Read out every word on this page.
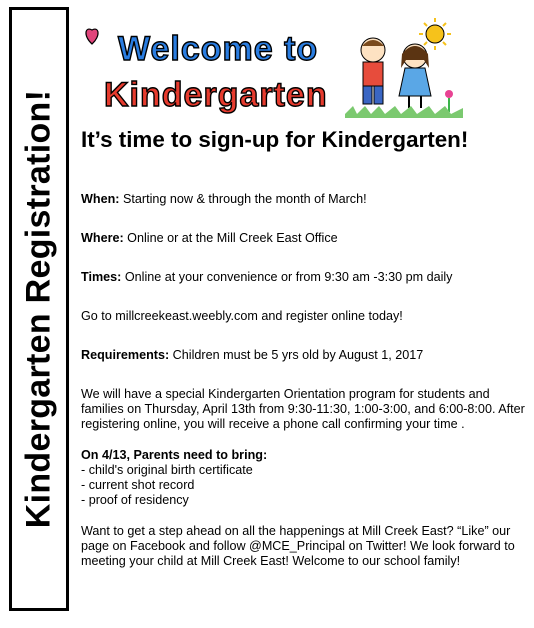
Kindergarten Registration!
Welcome to
Kindergarten
It’s time to sign-up for Kindergarten!

When: Starting now & through the month of March!

Where: Online or at the Mill Creek East Office

Times: Online at your convenience or from 9:30 am -3:30 pm daily

Go to millcreekeast.weebly.com and register online today!

Requirements: Children must be 5 yrs old by August 1, 2017

We will have a special Kindergarten Orientation program for students and families on Thursday, April 13th from 9:30-11:30, 1:00-3:00, and 6:00-8:00. After registering online, you will receive a phone call confirming your time .

On 4/13, Parents need to bring:
- child's original birth certificate
- current shot record
- proof of residency

Want to get a step ahead on all the happenings at Mill Creek East? “Like” our page on Facebook and follow @MCE_Principal on Twitter! We look forward to meeting your child at Mill Creek East! Welcome to our school family!
